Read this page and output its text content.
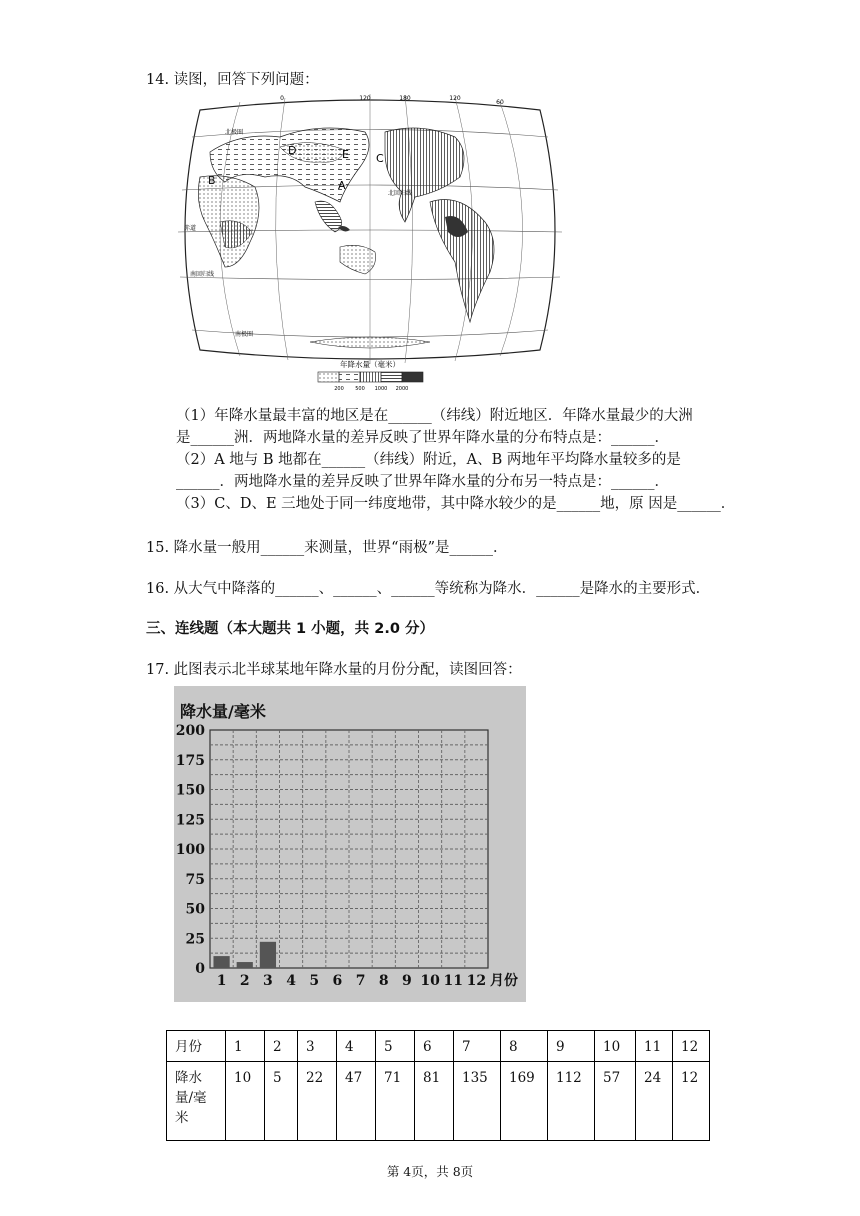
14. 读图，回答下列问题：
0	120	180	120
60
北极圈
北回归线
赤道
南回归线
南极圈
A
B
C
D	E
年降水量（毫米）
200 500 1000 2000
（1）年降水量最丰富的地区是在______（纬线）附近地区．年降水量最少的大洲
是______洲．两地降水量的差异反映了世界年降水量的分布特点是：______．
（2）A 地与 B 地都在______（纬线）附近，A、B 两地年平均降水量较多的是
______．两地降水量的差异反映了世界年降水量的分布另一特点是：______．
（3）C、D、E 三地处于同一纬度地带，其中降水较少的是______地，原 因是______．
15. 降水量一般用______来测量，世界“雨极”是______．
16. 从大气中降落的______、______、______等统称为降水．______是降水的主要形式．
三、连线题（本大题共 1 小题，共 2.0 分）
17. 此图表示北半球某地年降水量的月份分配，读图回答：
0
25
50
75
100
125
150
175
200
1 2 3 4 5 6 7 8 9 10 11 12
降水量/毫米
月份
月份	1	2	3	4	5	6	7	8	9	10	11	12
降水量/毫米	10	5	22	47	71	81	135	169	112	57	24	12
第 4页，共 8页
